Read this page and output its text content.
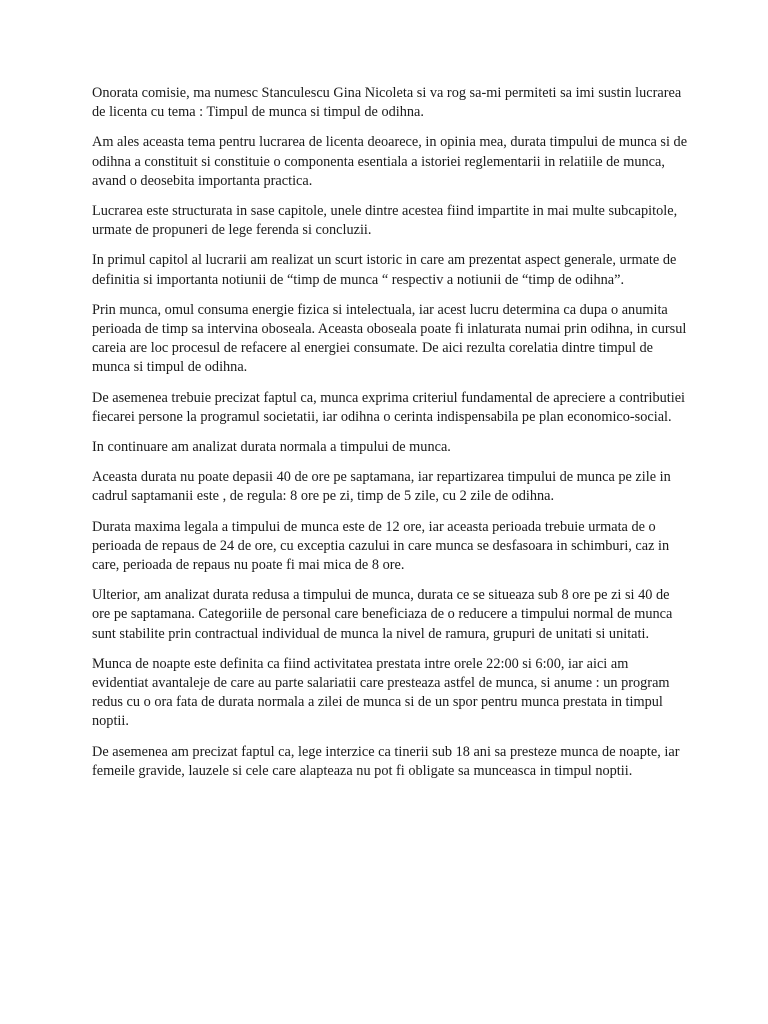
Onorata comisie, ma numesc Stanculescu Gina Nicoleta si va rog sa-mi permiteti sa imi sustin lucrarea de licenta cu tema : Timpul de munca si timpul de odihna.

Am ales aceasta tema pentru lucrarea de licenta deoarece, in opinia mea, durata timpului de munca si de odihna a constituit si constituie o componenta esentiala a istoriei reglementarii in relatiile de munca, avand o deosebita importanta practica.

Lucrarea este structurata in sase capitole, unele dintre acestea fiind impartite in mai multe subcapitole, urmate de propuneri de lege ferenda si concluzii.

In primul capitol al lucrarii am realizat un scurt istoric in care am prezentat aspect generale, urmate de definitia si importanta notiunii de “timp de munca “ respectiv a notiunii de “timp de odihna”.

Prin munca, omul consuma energie fizica si intelectuala, iar acest lucru determina ca dupa o anumita perioada de timp sa intervina oboseala. Aceasta oboseala poate fi inlaturata numai prin odihna, in cursul careia are loc procesul de refacere al energiei consumate. De aici rezulta corelatia dintre timpul de munca si timpul de odihna.

De asemenea trebuie precizat faptul ca, munca exprima criteriul fundamental de apreciere a contributiei fiecarei persone la programul societatii, iar odihna o cerinta indispensabila pe plan economico-social.

In continuare am analizat durata normala a timpului de munca.

Aceasta durata nu poate depasii 40 de ore pe saptamana, iar repartizarea timpului de munca pe zile in cadrul saptamanii este , de regula: 8 ore pe zi, timp de 5 zile, cu 2 zile de odihna.

Durata maxima legala a timpului de munca este de 12 ore, iar aceasta perioada trebuie urmata de o perioada de repaus de 24 de ore, cu exceptia cazului in care munca se desfasoara in schimburi, caz in care, perioada de repaus nu poate fi mai mica de 8 ore.

Ulterior, am analizat durata redusa a timpului de munca, durata ce se situeaza sub 8 ore pe zi si 40 de ore pe saptamana. Categoriile de personal care beneficiaza de o reducere a timpului normal de munca sunt stabilite prin contractual individual de munca la nivel de ramura, grupuri de unitati si unitati.

Munca de noapte este definita ca fiind activitatea prestata intre orele 22:00 si 6:00, iar aici am evidentiat avantaleje de care au parte salariatii care presteaza astfel de munca, si anume : un program redus cu o ora fata de durata normala a zilei de munca si de un spor pentru munca prestata in timpul noptii.

De asemenea am precizat faptul ca, lege interzice ca tinerii sub 18 ani sa presteze munca de noapte, iar femeile gravide, lauzele si cele care alapteaza nu pot fi obligate sa munceasca in timpul noptii.
